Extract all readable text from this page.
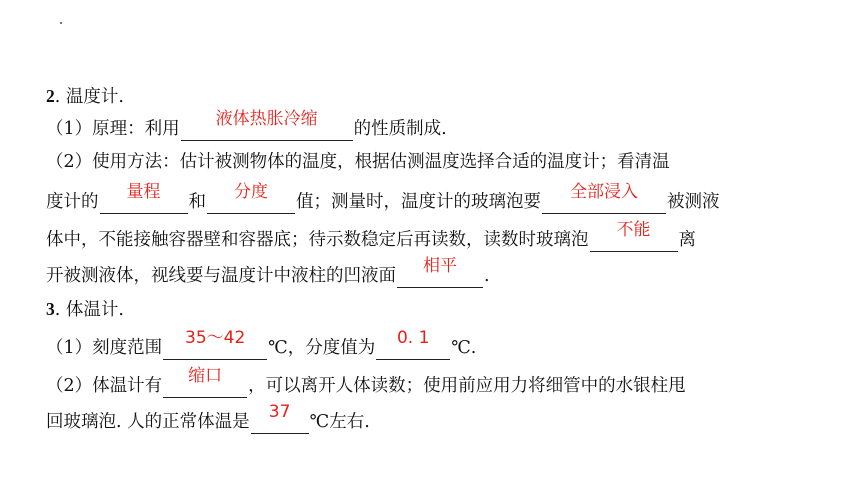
2. 温度计.
（1）原理：利用	液体热胀冷缩	的性质制成.
（2）使用方法：估计被测物体的温度，根据估测温度选择合适的温度计；看清温
度计的	量程	和	分度	值；测量时，温度计的玻璃泡要	全部浸入	被测液
体中，不能接触容器壁和容器底；待示数稳定后再读数，读数时玻璃泡	不能	离
开被测液体，视线要与温度计中液柱的凹液面	相平	.
3. 体温计.
（1）刻度范围	35～42	℃，分度值为	0. 1	℃.
（2）体温计有	缩口	，可以离开人体读数；使用前应用力将细管中的水银柱甩
回玻璃泡. 人的正常体温是	37	℃左右.
